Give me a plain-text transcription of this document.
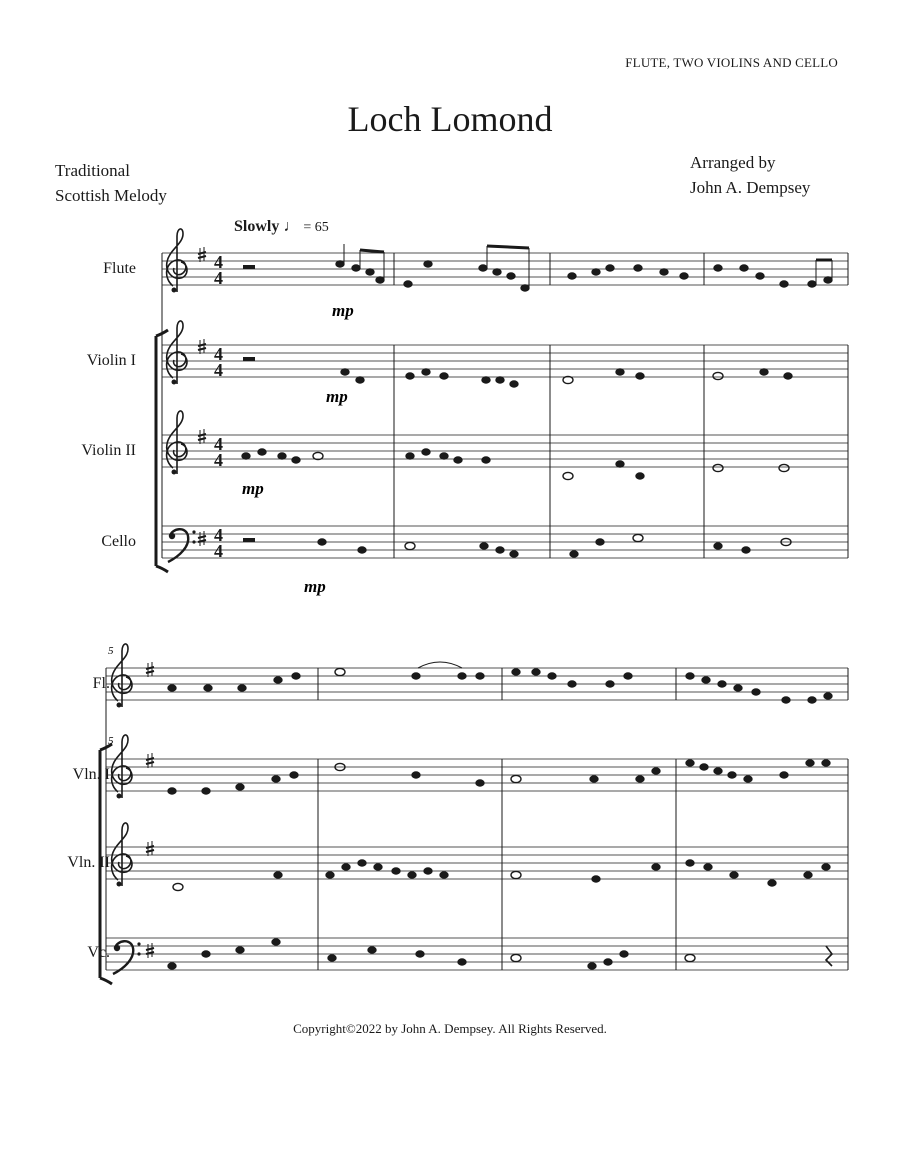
FLUTE, TWO VIOLINS AND CELLO
Loch Lomond
Traditional
Scottish Melody
Arranged by
John A. Dempsey
Slowly ♩ = 65
Flute
Violin I
Violin II
Cello
Fl.
Vln. I
Vln. II
Vc.
Copyright©2022 by John A. Dempsey. All Rights Reserved.
4
4
4
4
4
4
4
4
mp
mp
mp
mp
5
5
